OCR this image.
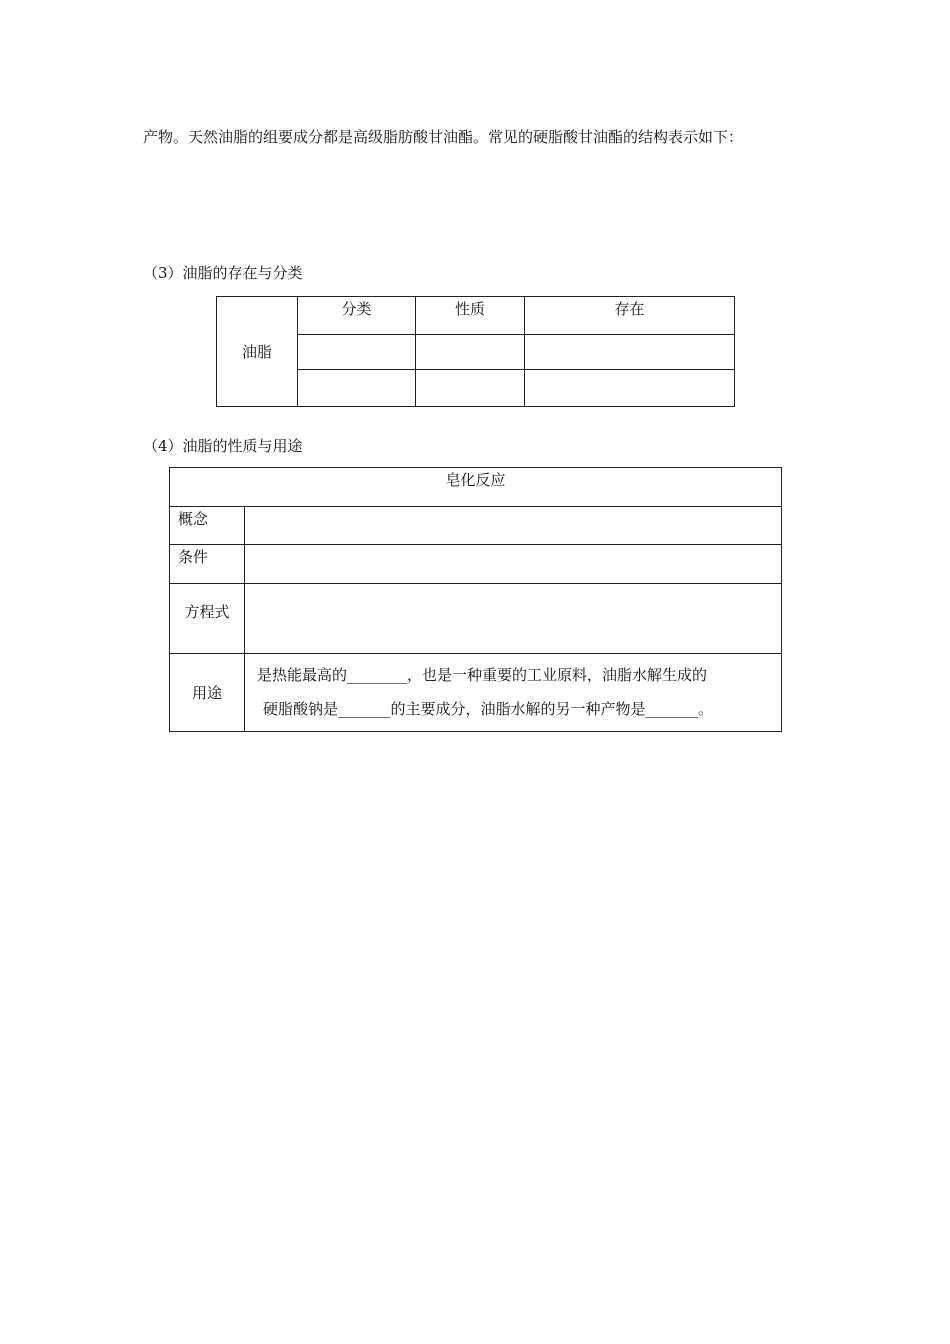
产物。天然油脂的组要成分都是高级脂肪酸甘油酯。常见的硬脂酸甘油酯的结构表示如下：
（3）油脂的存在与分类
油脂	分类	性质	存在

（4）油脂的性质与用途
皂化反应	
概念	
条件	
方程式	
用途	是热能最高的________，也是一种重要的工业原料，油脂水解生成的
硬脂酸钠是_______的主要成分，油脂水解的另一种产物是_______。
